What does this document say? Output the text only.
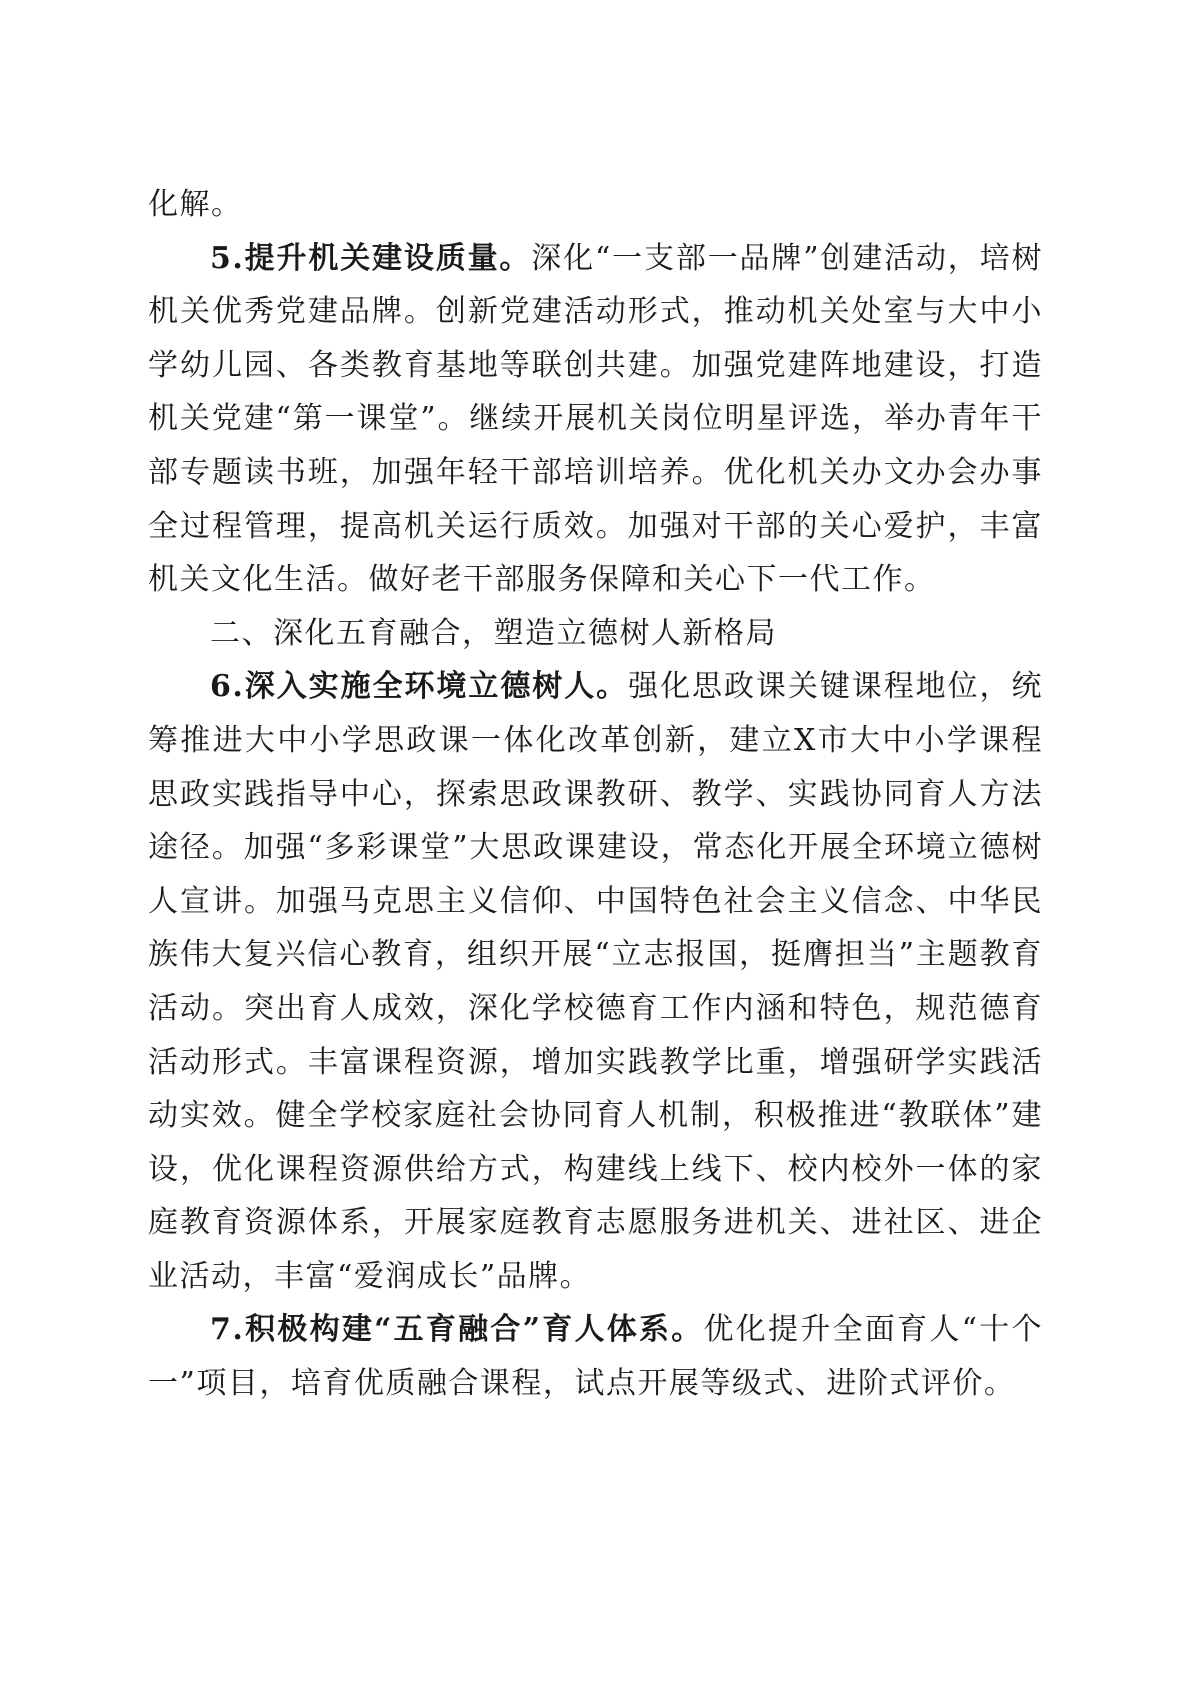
化解。

5.提升机关建设质量。深化“一支部一品牌”创建活动，培树机关优秀党建品牌。创新党建活动形式，推动机关处室与大中小学幼儿园、各类教育基地等联创共建。加强党建阵地建设，打造机关党建“第一课堂”。继续开展机关岗位明星评选，举办青年干部专题读书班，加强年轻干部培训培养。优化机关办文办会办事全过程管理，提高机关运行质效。加强对干部的关心爱护，丰富机关文化生活。做好老干部服务保障和关心下一代工作。

二、深化五育融合，塑造立德树人新格局

6.深入实施全环境立德树人。强化思政课关键课程地位，统筹推进大中小学思政课一体化改革创新，建立X市大中小学课程思政实践指导中心，探索思政课教研、教学、实践协同育人方法途径。加强“多彩课堂”大思政课建设，常态化开展全环境立德树人宣讲。加强马克思主义信仰、中国特色社会主义信念、中华民族伟大复兴信心教育，组织开展“立志报国，挺膺担当”主题教育活动。突出育人成效，深化学校德育工作内涵和特色，规范德育活动形式。丰富课程资源，增加实践教学比重，增强研学实践活动实效。健全学校家庭社会协同育人机制，积极推进“教联体”建设，优化课程资源供给方式，构建线上线下、校内校外一体的家庭教育资源体系，开展家庭教育志愿服务进机关、进社区、进企业活动，丰富“爱润成长”品牌。

7.积极构建“五育融合”育人体系。优化提升全面育人“十个一”项目，培育优质融合课程，试点开展等级式、进阶式评价。
